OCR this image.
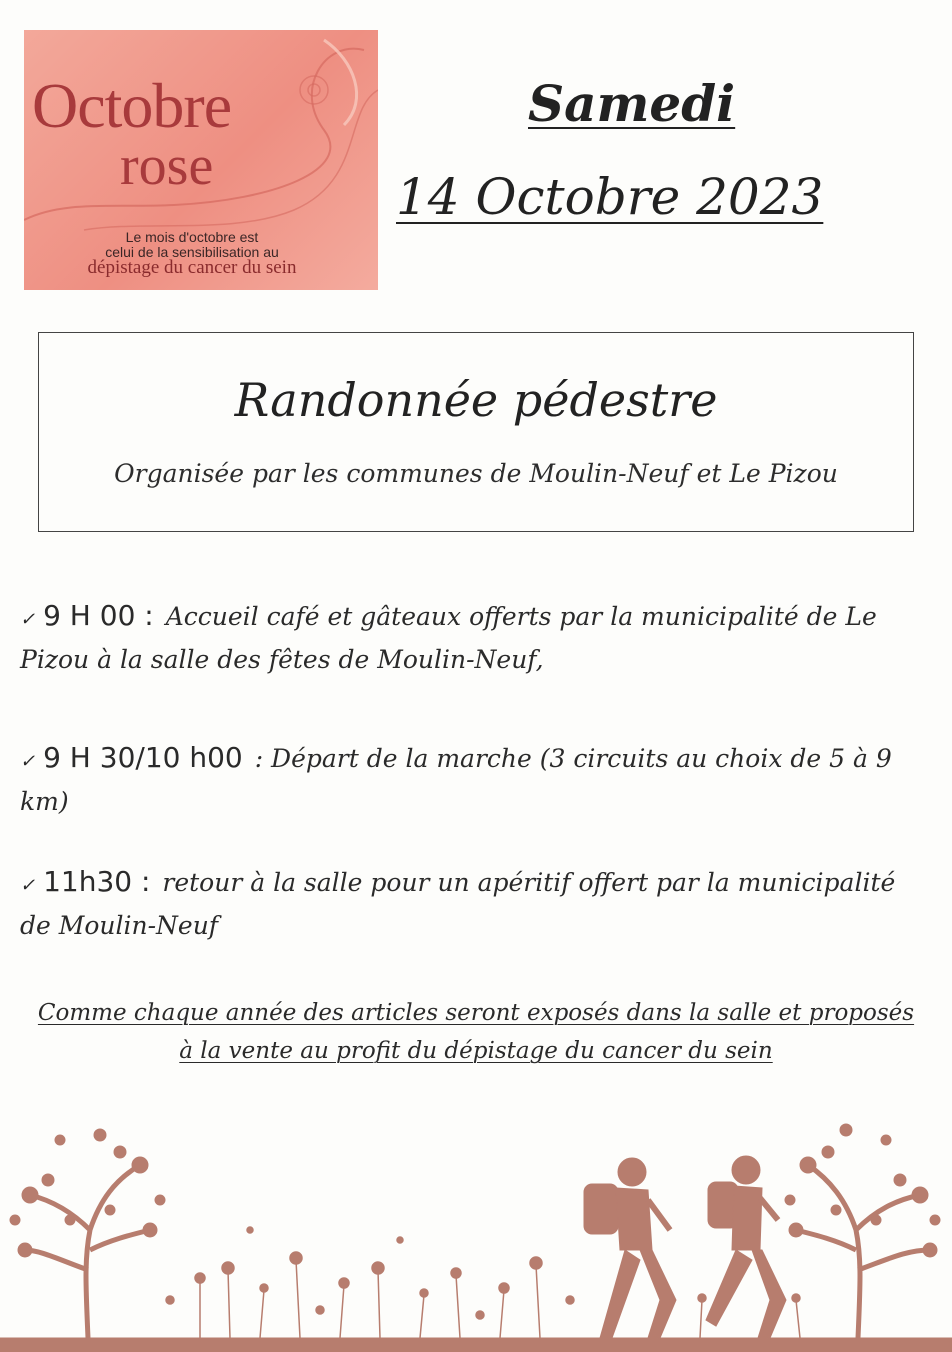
Octobre
rose
Le mois d'octobre est
celui de la sensibilisation au
dépistage du cancer du sein
Samedi
14 Octobre 2023
Randonnée pédestre
Organisée par les communes de Moulin-Neuf et Le Pizou
✓ 9 H 00 : Accueil café et gâteaux offerts par la municipalité de Le Pizou à la salle des fêtes de Moulin-Neuf,
✓ 9 H 30/10 h00 : Départ de la marche (3 circuits au choix de 5 à 9 km)
✓ 11h30 : retour à la salle pour un apéritif offert par la municipalité de Moulin-Neuf
Comme chaque année des articles seront exposés dans la salle et proposés à la vente au profit du dépistage du cancer du sein
